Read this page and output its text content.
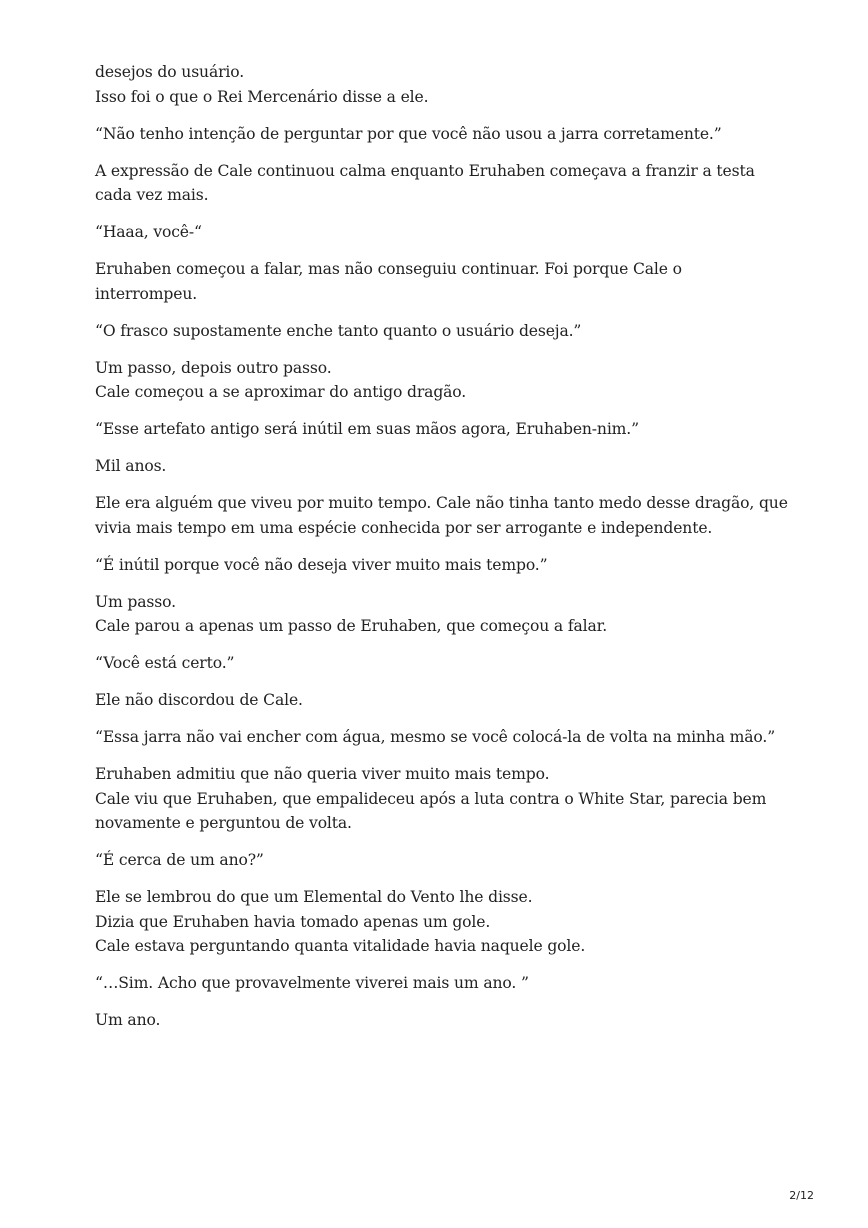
desejos do usuário.
Isso foi o que o Rei Mercenário disse a ele.
“Não tenho intenção de perguntar por que você não usou a jarra corretamente.”
A expressão de Cale continuou calma enquanto Eruhaben começava a franzir a testa
cada vez mais.
“Haaa, você-“
Eruhaben começou a falar, mas não conseguiu continuar. Foi porque Cale o
interrompeu.
“O frasco supostamente enche tanto quanto o usuário deseja.”
Um passo, depois outro passo.
Cale começou a se aproximar do antigo dragão.
“Esse artefato antigo será inútil em suas mãos agora, Eruhaben-nim.”
Mil anos.
Ele era alguém que viveu por muito tempo. Cale não tinha tanto medo desse dragão, que
vivia mais tempo em uma espécie conhecida por ser arrogante e independente.
“É inútil porque você não deseja viver muito mais tempo.”
Um passo.
Cale parou a apenas um passo de Eruhaben, que começou a falar.
“Você está certo.”
Ele não discordou de Cale.
“Essa jarra não vai encher com água, mesmo se você colocá-la de volta na minha mão.”
Eruhaben admitiu que não queria viver muito mais tempo.
Cale viu que Eruhaben, que empalideceu após a luta contra o White Star, parecia bem
novamente e perguntou de volta.
“É cerca de um ano?”
Ele se lembrou do que um Elemental do Vento lhe disse.
Dizia que Eruhaben havia tomado apenas um gole.
Cale estava perguntando quanta vitalidade havia naquele gole.
“…Sim. Acho que provavelmente viverei mais um ano. ”
Um ano.
2/12
